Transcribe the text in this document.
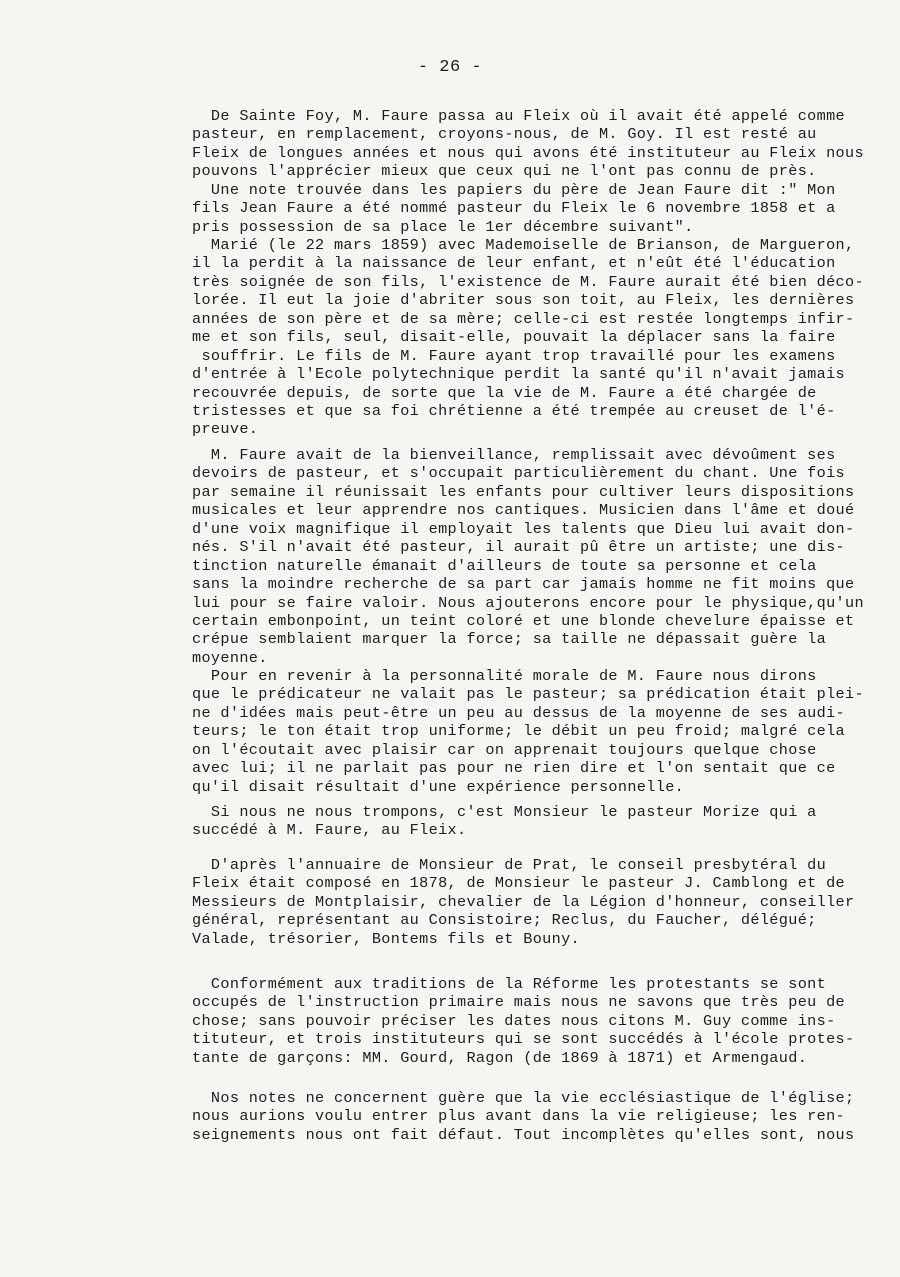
- 26 -
De Sainte Foy, M. Faure passa au Fleix où il avait été appelé comme
pasteur, en remplacement, croyons-nous, de M. Goy. Il est resté au
Fleix de longues années et nous qui avons été instituteur au Fleix nous
pouvons l'apprécier mieux que ceux qui ne l'ont pas connu de près.
Une note trouvée dans les papiers du père de Jean Faure dit :" Mon
fils Jean Faure a été nommé pasteur du Fleix le 6 novembre 1858 et a
pris possession de sa place le 1er décembre suivant".
Marié (le 22 mars 1859) avec Mademoiselle de Brianson, de Margueron,
il la perdit à la naissance de leur enfant, et n'eût été l'éducation
très soignée de son fils, l'existence de M. Faure aurait été bien déco-
lorée. Il eut la joie d'abriter sous son toit, au Fleix, les dernières
années de son père et de sa mère; celle-ci est restée longtemps infir-
me et son fils, seul, disait-elle, pouvait la déplacer sans la faire
souffrir. Le fils de M. Faure ayant trop travaillé pour les examens
d'entrée à l'Ecole polytechnique perdit la santé qu'il n'avait jamais
recouvrée depuis, de sorte que la vie de M. Faure a été chargée de
tristesses et que sa foi chrétienne a été trempée au creuset de l'é-
preuve.
M. Faure avait de la bienveillance, remplissait avec dévoûment ses
devoirs de pasteur, et s'occupait particulièrement du chant. Une fois
par semaine il réunissait les enfants pour cultiver leurs dispositions
musicales et leur apprendre nos cantiques. Musicien dans l'âme et doué
d'une voix magnifique il employait les talents que Dieu lui avait don-
nés. S'il n'avait été pasteur, il aurait pû être un artiste; une dis-
tinction naturelle émanait d'ailleurs de toute sa personne et cela
sans la moindre recherche de sa part car jamais homme ne fit moins que
lui pour se faire valoir. Nous ajouterons encore pour le physique,qu'un
certain embonpoint, un teint coloré et une blonde chevelure épaisse et
crépue semblaient marquer la force; sa taille ne dépassait guère la
moyenne.
Pour en revenir à la personnalité morale de M. Faure nous dirons
que le prédicateur ne valait pas le pasteur; sa prédication était plei-
ne d'idées mais peut-être un peu au dessus de la moyenne de ses audi-
teurs; le ton était trop uniforme; le débit un peu froid; malgré cela
on l'écoutait avec plaisir car on apprenait toujours quelque chose
avec lui; il ne parlait pas pour ne rien dire et l'on sentait que ce
qu'il disait résultait d'une expérience personnelle.
Si nous ne nous trompons, c'est Monsieur le pasteur Morize qui a
succédé à M. Faure, au Fleix.
D'après l'annuaire de Monsieur de Prat, le conseil presbytéral du
Fleix était composé en 1878, de Monsieur le pasteur J. Camblong et de
Messieurs de Montplaisir, chevalier de la Légion d'honneur, conseiller
général, représentant au Consistoire; Reclus, du Faucher, délégué;
Valade, trésorier, Bontems fils et Bouny.
Conformément aux traditions de la Réforme les protestants se sont
occupés de l'instruction primaire mais nous ne savons que très peu de
chose; sans pouvoir préciser les dates nous citons M. Guy comme ins-
tituteur, et trois instituteurs qui se sont succédés à l'école protes-
tante de garçons: MM. Gourd, Ragon (de 1869 à 1871) et Armengaud.
Nos notes ne concernent guère que la vie ecclésiastique de l'église;
nous aurions voulu entrer plus avant dans la vie religieuse; les ren-
seignements nous ont fait défaut. Tout incomplètes qu'elles sont, nous
